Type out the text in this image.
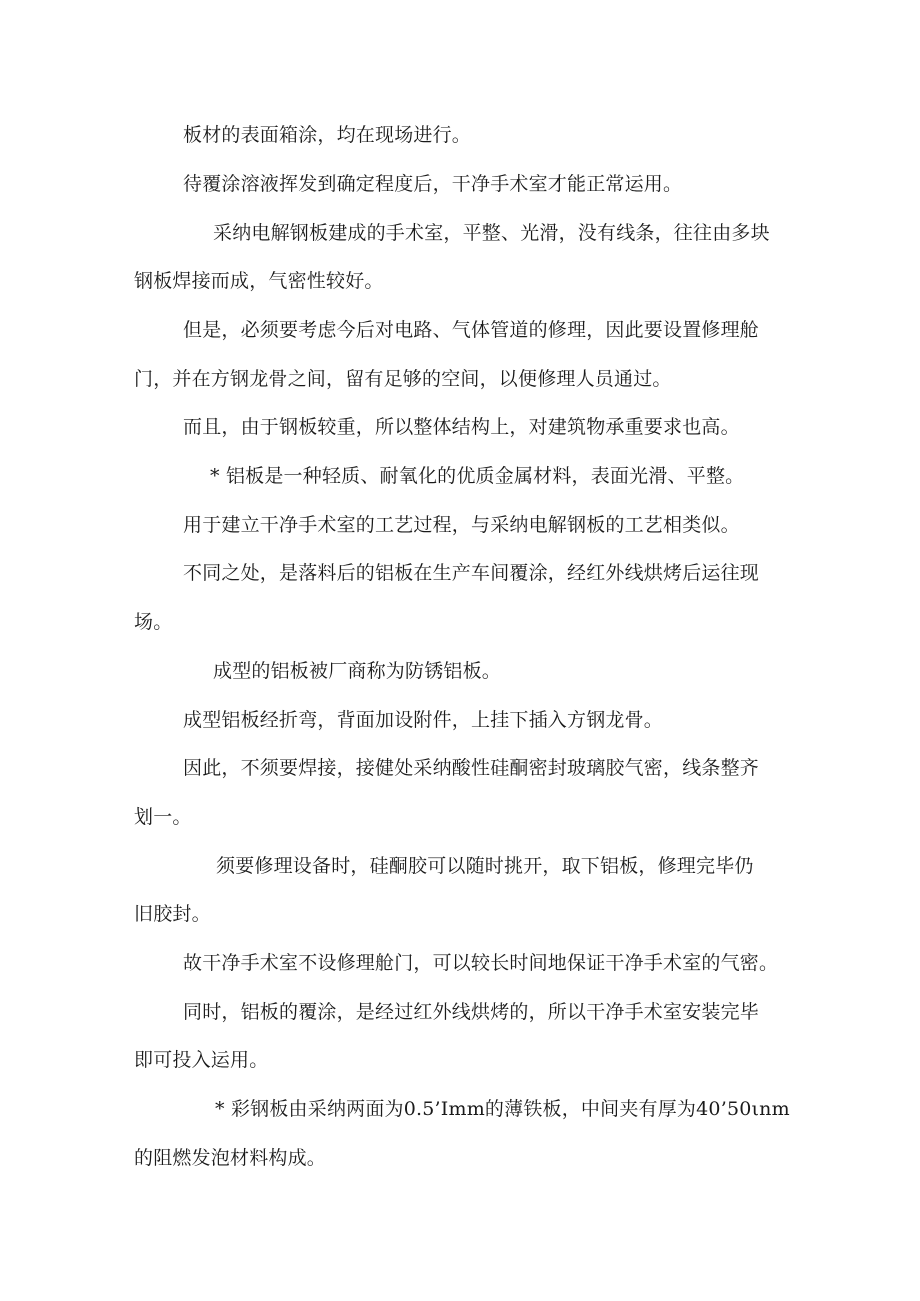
板材的表面箱涂，均在现场进行。
待覆涂溶液挥发到确定程度后，干净手术室才能正常运用。
采纳电解钢板建成的手术室，平整、光滑，没有线条，往往由多块
钢板焊接而成，气密性较好。
但是，必须要考虑今后对电路、气体管道的修理，因此要设置修理舱
门，并在方钢龙骨之间，留有足够的空间，以便修理人员通过。
而且，由于钢板较重，所以整体结构上，对建筑物承重要求也高。
* 铝板是一种轻质、耐氧化的优质金属材料，表面光滑、平整。
用于建立干净手术室的工艺过程，与采纳电解钢板的工艺相类似。
不同之处，是落料后的铝板在生产车间覆涂，经红外线烘烤后运往现
场。
成型的铝板被厂商称为防锈铝板。
成型铝板经折弯，背面加设附件，上挂下插入方钢龙骨。
因此，不须要焊接，接健处采纳酸性硅酮密封玻璃胶气密，线条整齐
划一。
须要修理设备时，硅酮胶可以随时挑开，取下铝板，修理完毕仍
旧胶封。
故干净手术室不设修理舱门，可以较长时间地保证干净手术室的气密。
同时，铝板的覆涂，是经过红外线烘烤的，所以干净手术室安装完毕
即可投入运用。
* 彩钢板由采纳两面为0.5’Imm的薄铁板，中间夹有厚为40’50ιnm
的阻燃发泡材料构成。
